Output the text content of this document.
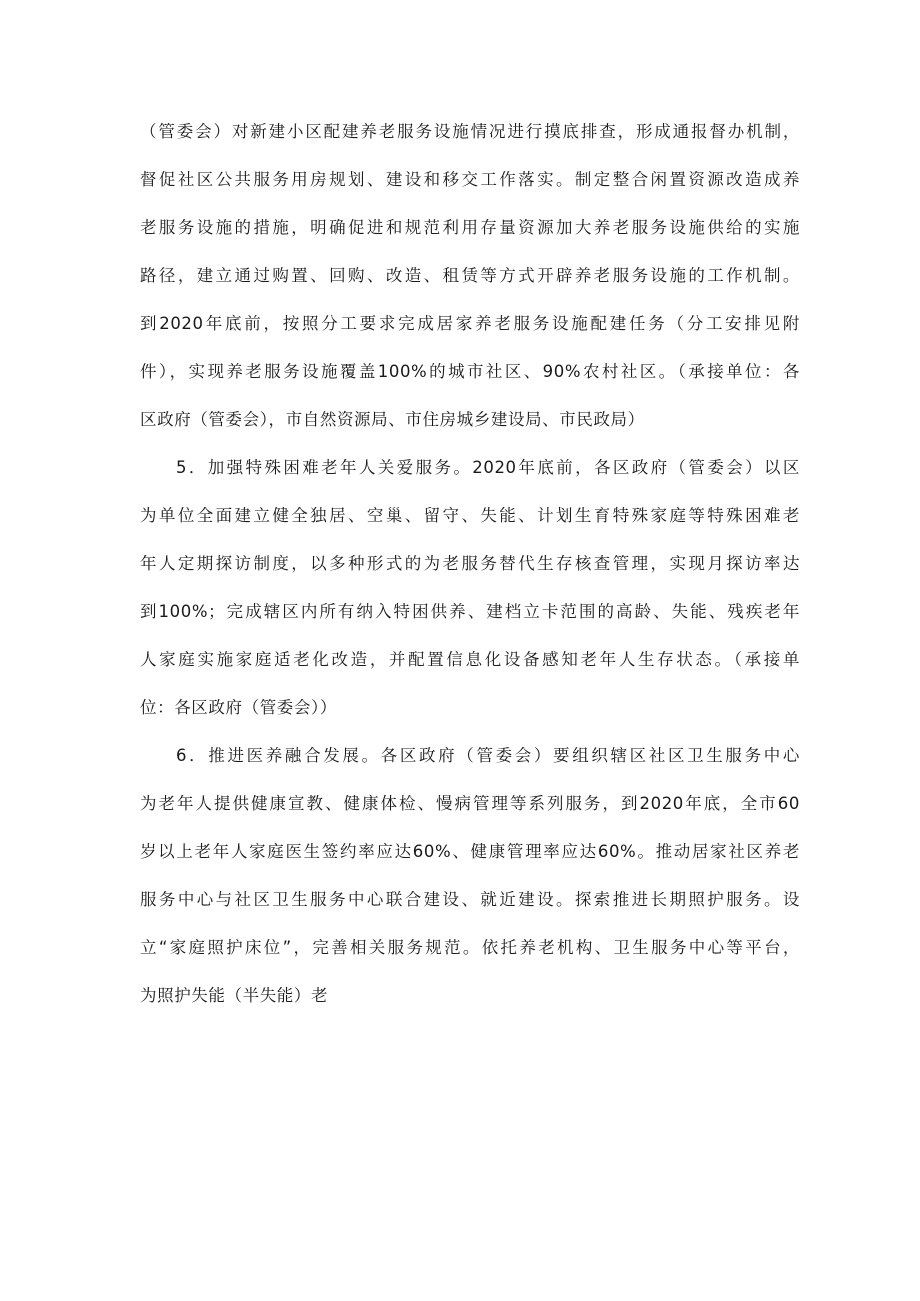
（管委会）对新建小区配建养老服务设施情况进行摸底排查，形成通报督办机制，
督促社区公共服务用房规划、建设和移交工作落实。制定整合闲置资源改造成养
老服务设施的措施，明确促进和规范利用存量资源加大养老服务设施供给的实施
路径，建立通过购置、回购、改造、租赁等方式开辟养老服务设施的工作机制。
到2020年底前，按照分工要求完成居家养老服务设施配建任务（分工安排见附
件），实现养老服务设施覆盖100%的城市社区、90%农村社区。（承接单位：各
区政府（管委会），市自然资源局、市住房城乡建设局、市民政局）
5．加强特殊困难老年人关爱服务。2020年底前，各区政府（管委会）以区
为单位全面建立健全独居、空巢、留守、失能、计划生育特殊家庭等特殊困难老
年人定期探访制度，以多种形式的为老服务替代生存核查管理，实现月探访率达
到100%；完成辖区内所有纳入特困供养、建档立卡范围的高龄、失能、残疾老年
人家庭实施家庭适老化改造，并配置信息化设备感知老年人生存状态。（承接单
位：各区政府（管委会））
6．推进医养融合发展。各区政府（管委会）要组织辖区社区卫生服务中心
为老年人提供健康宣教、健康体检、慢病管理等系列服务，到2020年底，全市60
岁以上老年人家庭医生签约率应达60%、健康管理率应达60%。推动居家社区养老
服务中心与社区卫生服务中心联合建设、就近建设。探索推进长期照护服务。设
立“家庭照护床位”，完善相关服务规范。依托养老机构、卫生服务中心等平台，
为照护失能（半失能）老
